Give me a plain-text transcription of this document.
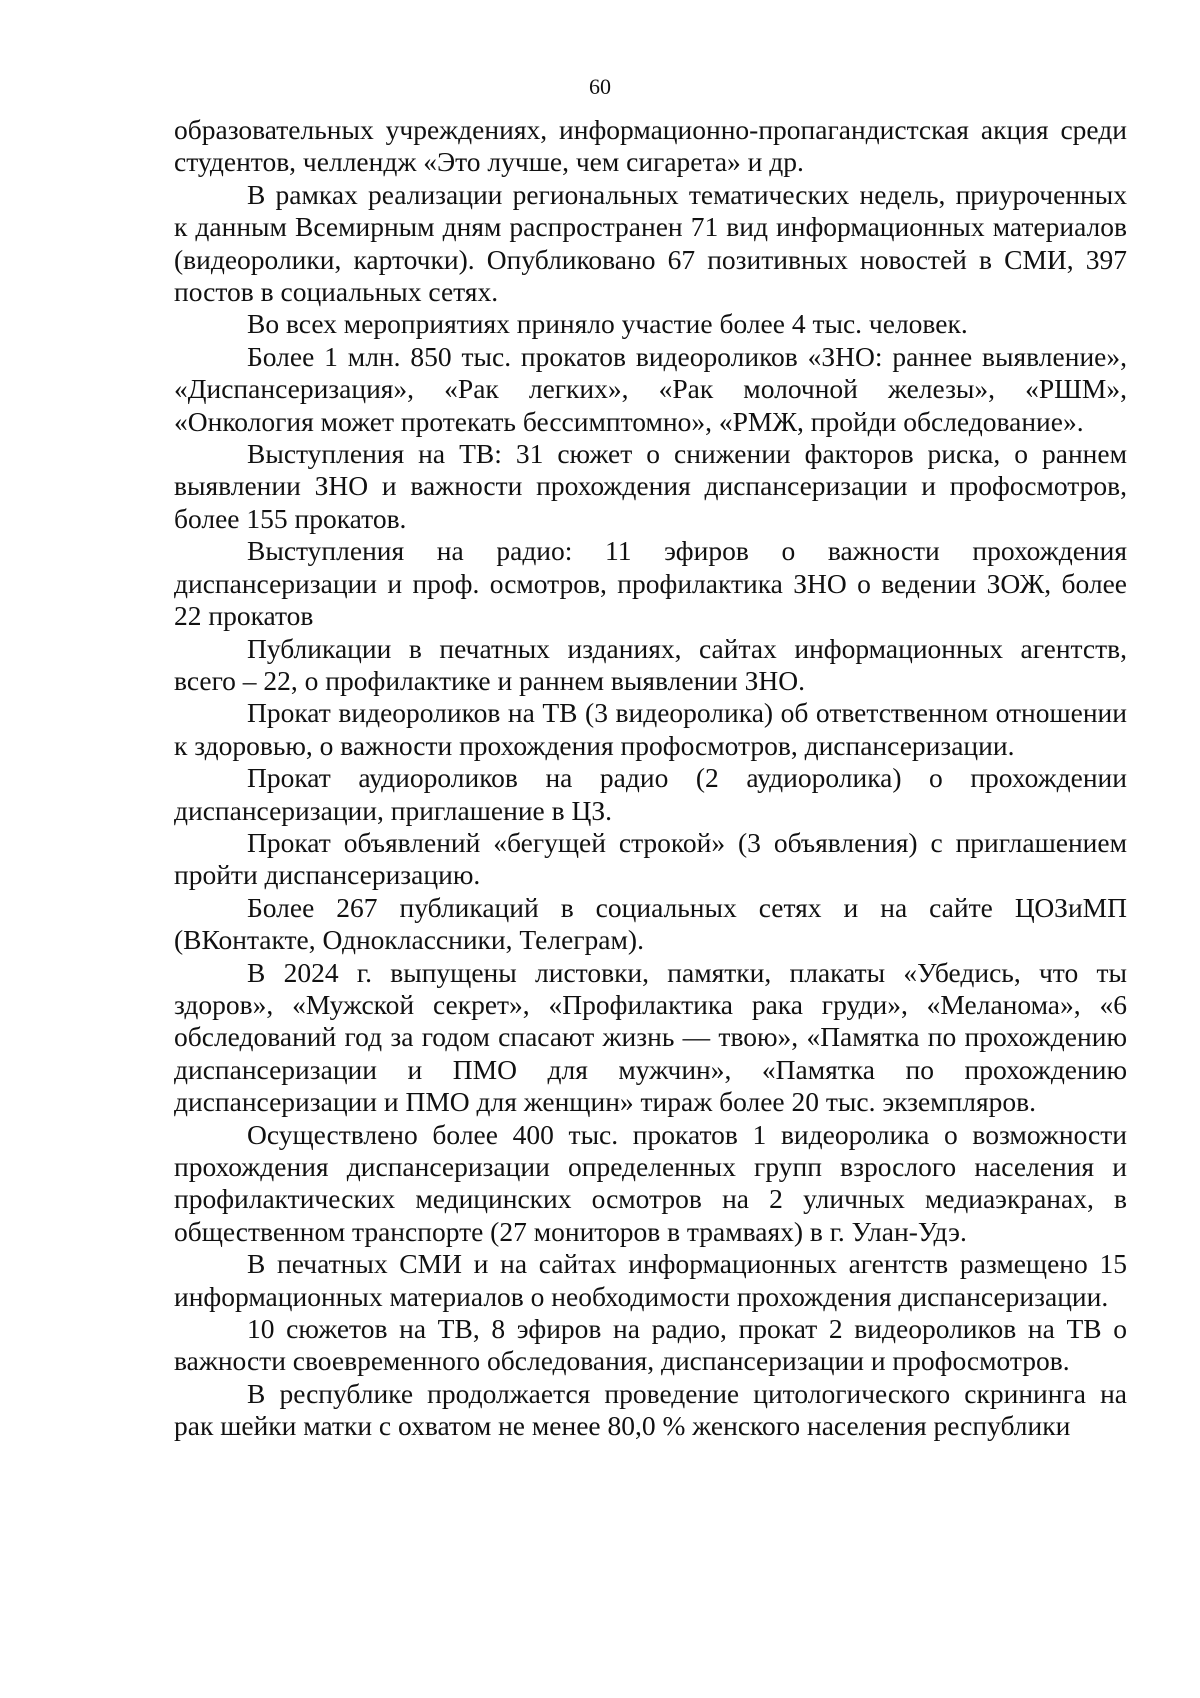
60

образовательных учреждениях, информационно-пропагандистская акция среди студентов, челлендж «Это лучше, чем сигарета» и др.

В рамках реализации региональных тематических недель, приуроченных к данным Всемирным дням распространен 71 вид информационных материалов (видеоролики, карточки). Опубликовано 67 позитивных новостей в СМИ, 397 постов в социальных сетях.

Во всех мероприятиях приняло участие более 4 тыс. человек.

Более 1 млн. 850 тыс. прокатов видеороликов «ЗНО: раннее выявление», «Диспансеризация», «Рак легких», «Рак молочной железы», «РШМ», «Онкология может протекать бессимптомно», «РМЖ, пройди обследование».

Выступления на ТВ: 31 сюжет о снижении факторов риска, о раннем выявлении ЗНО и важности прохождения диспансеризации и профосмотров, более 155 прокатов.

Выступления на радио: 11 эфиров о важности прохождения диспансеризации и проф. осмотров, профилактика ЗНО о ведении ЗОЖ, более 22 прокатов

Публикации в печатных изданиях, сайтах информационных агентств, всего – 22, о профилактике и раннем выявлении ЗНО.

Прокат видеороликов на ТВ (3 видеоролика) об ответственном отношении к здоровью, о важности прохождения профосмотров, диспансеризации.

Прокат аудиороликов на радио (2 аудиоролика) о прохождении диспансеризации, приглашение в ЦЗ.

Прокат объявлений «бегущей строкой» (3 объявления) с приглашением пройти диспансеризацию.

Более 267 публикаций в социальных сетях и на сайте ЦОЗиМП (ВКонтакте, Одноклассники, Телеграм).

В 2024 г. выпущены листовки, памятки, плакаты «Убедись, что ты здоров», «Мужской секрет», «Профилактика рака груди», «Меланома», «6 обследований год за годом спасают жизнь — твою», «Памятка по прохождению диспансеризации и ПМО для мужчин», «Памятка по прохождению диспансеризации и ПМО для женщин» тираж более 20 тыс. экземпляров.

Осуществлено более 400 тыс. прокатов 1 видеоролика о возможности прохождения диспансеризации определенных групп взрослого населения и профилактических медицинских осмотров на 2 уличных медиаэкранах, в общественном транспорте (27 мониторов в трамваях) в г. Улан-Удэ.

В печатных СМИ и на сайтах информационных агентств размещено 15 информационных материалов о необходимости прохождения диспансеризации.

10 сюжетов на ТВ, 8 эфиров на радио, прокат 2 видеороликов на ТВ о важности своевременного обследования, диспансеризации и профосмотров.

В республике продолжается проведение цитологического скрининга на рак шейки матки с охватом не менее 80,0 % женского населения республики
